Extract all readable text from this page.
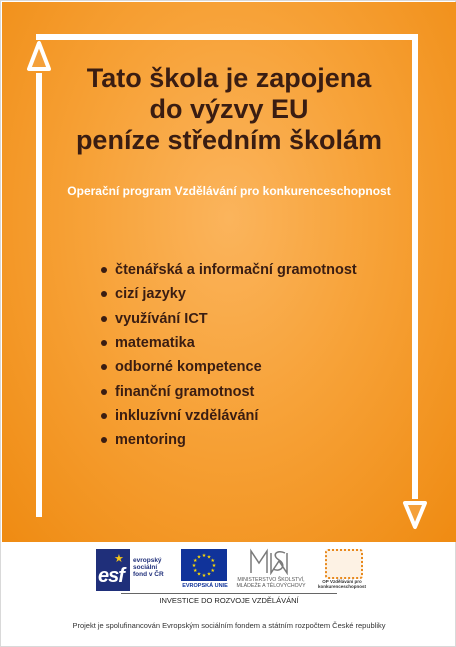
Tato škola je zapojena
do výzvy EU
peníze středním školám
Operační program Vzdělávání pro konkurenceschopnost
čtenářská a informační gramotnost
cizí jazyky
využívání ICT
matematika
odborné kompetence
finanční gramotnost
inkluzívní vzdělávání
mentoring
★
esf
evropský sociální fond v ČR
★ ★
★
★
★
★
★
★
★
★
★
★
EVROPSKÁ UNIE
MINISTERSTVO ŠKOLSTVÍ, MLÁDEŽE A TĚLOVÝCHOVY
OP Vzdělávání pro konkurenceschopnost
INVESTICE DO ROZVOJE VZDĚLÁVÁNÍ
Projekt je spolufinancován Evropským sociálním fondem a státním rozpočtem České republiky
